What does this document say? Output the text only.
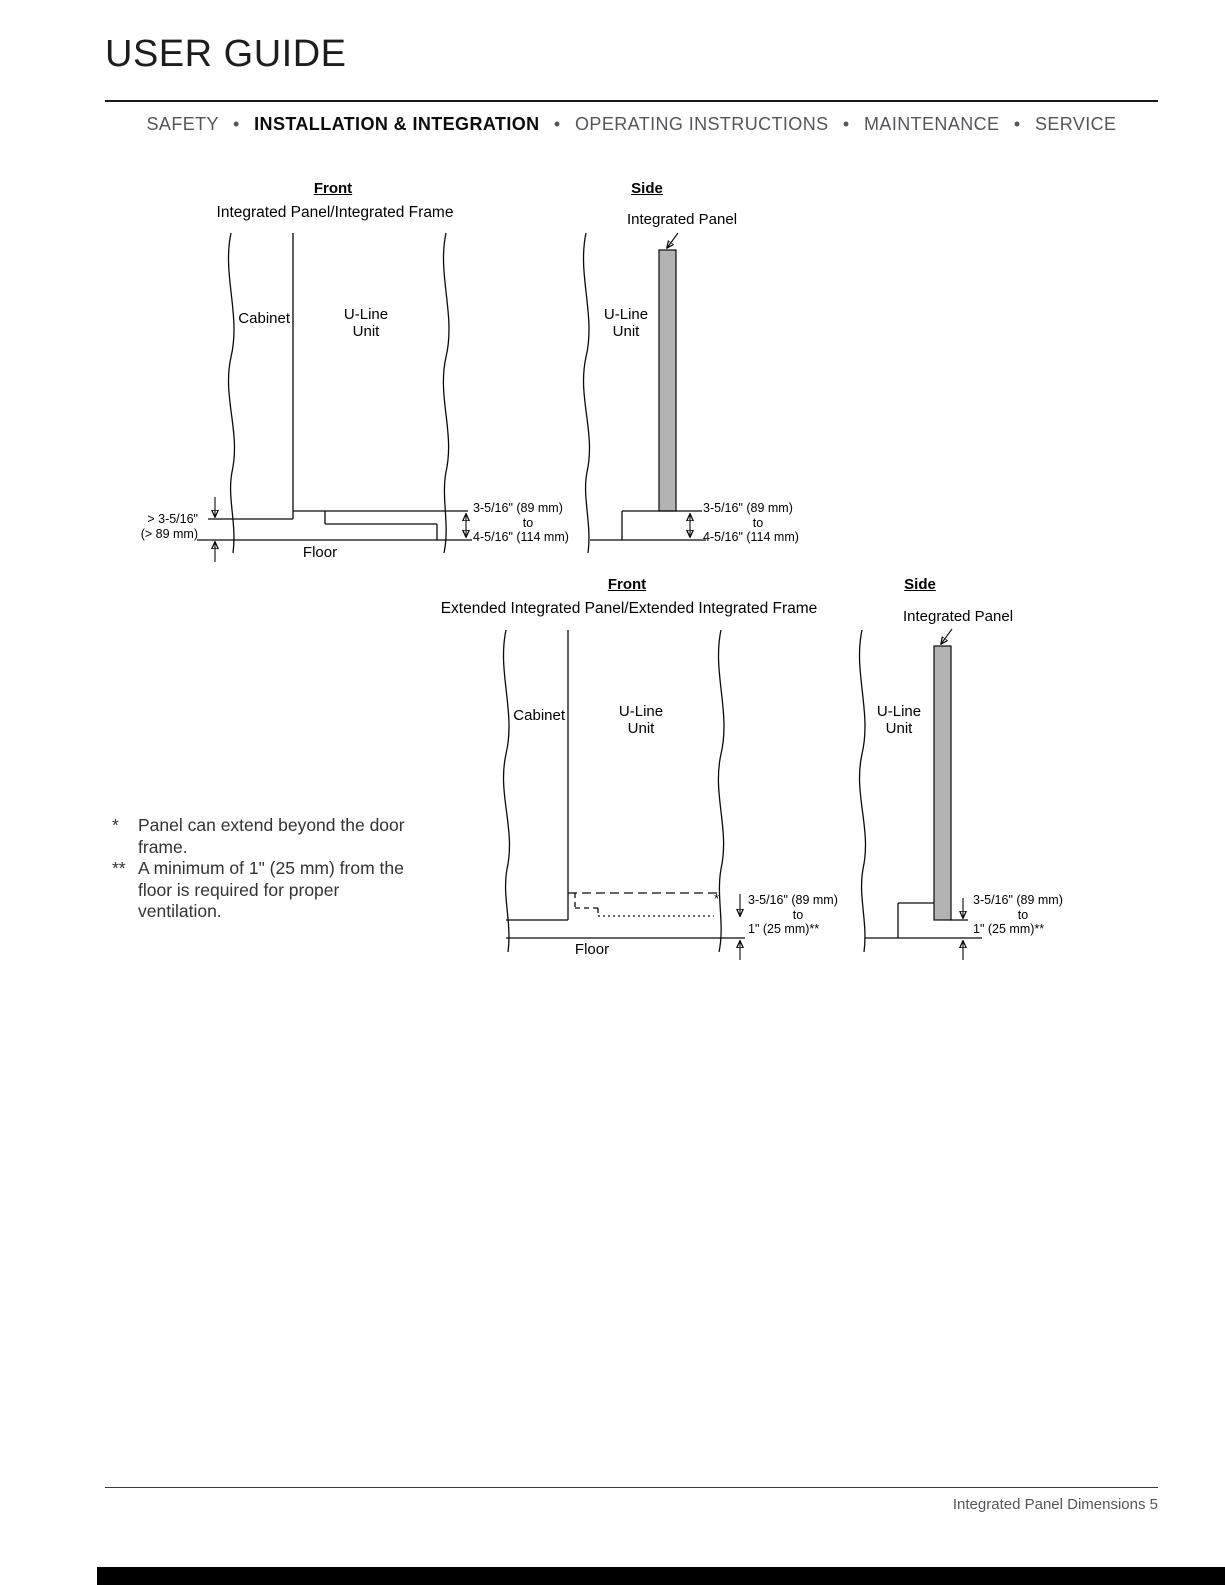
USER GUIDE
SAFETY • INSTALLATION & INTEGRATION • OPERATING INSTRUCTIONS • MAINTENANCE • SERVICE
Front
Integrated Panel/Integrated Frame
Side
Integrated Panel
Cabinet	U-Line Unit
U-Line Unit
Floor
> 3-5/16"
(> 89 mm)
3-5/16" (89 mm)
to
4-5/16" (114 mm)
3-5/16" (89 mm)
to
4-5/16" (114 mm)
Front
Extended Integrated Panel/Extended Integrated Frame
Side
Integrated Panel
Cabinet	U-Line Unit
U-Line Unit
Floor
* 3-5/16" (89 mm)
to
1" (25 mm)**
3-5/16" (89 mm)
to
1" (25 mm)**
* Panel can extend beyond the door frame.
** A minimum of 1" (25 mm) from the floor is required for proper ventilation.
Integrated Panel Dimensions 5
